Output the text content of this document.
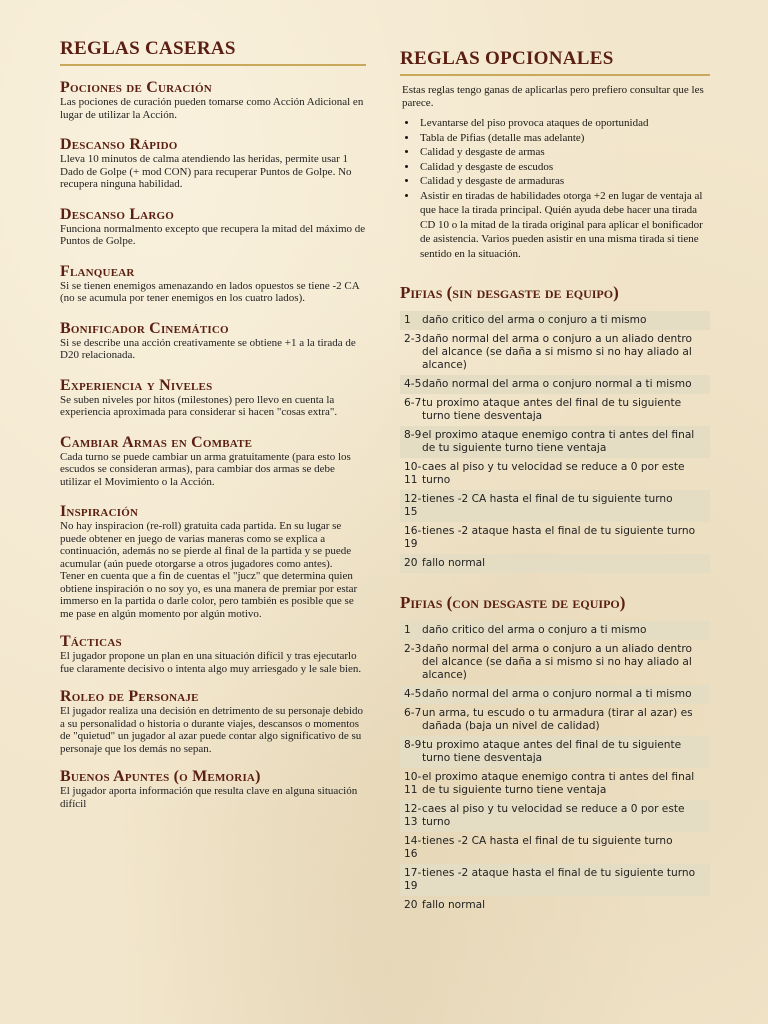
REGLAS CASERAS
Pociones de Curación

Las pociones de curación pueden tomarse como Acción Adicional en lugar de utilizar la Acción.

Descanso Rápido

Lleva 10 minutos de calma atendiendo las heridas, permite usar 1 Dado de Golpe (+ mod CON) para recuperar Puntos de Golpe. No recupera ninguna habilidad.

Descanso Largo

Funciona normalmento excepto que recupera la mitad del máximo de Puntos de Golpe.

Flanquear

Si se tienen enemigos amenazando en lados opuestos se tiene -2 CA (no se acumula por tener enemigos en los cuatro lados).

Bonificador Cinemático

Si se describe una acción creativamente se obtiene +1 a la tirada de D20 relacionada.

Experiencia y Niveles

Se suben niveles por hitos (milestones) pero llevo en cuenta la experiencia aproximada para considerar si hacen "cosas extra".

Cambiar Armas en Combate

Cada turno se puede cambiar un arma gratuitamente (para esto los escudos se consideran armas), para cambiar dos armas se debe utilizar el Movimiento o la Acción.

Inspiración

No hay inspiracion (re-roll) gratuita cada partida. En su lugar se puede obtener en juego de varias maneras como se explica a continuación, además no se pierde al final de la partida y se puede acumular (aún puede otorgarse a otros jugadores como antes).
Tener en cuenta que a fin de cuentas el "jucz" que determina quien obtiene inspiración o no soy yo, es una manera de premiar por estar immerso en la partida o darle color, pero también es posible que se me pase en algún momento por algún motivo.

Tácticas

El jugador propone un plan en una situación difícil y tras ejecutarlo fue claramente decisivo o intenta algo muy arriesgado y le sale bien.

Roleo de Personaje

El jugador realiza una decisión en detrimento de su personaje debido a su personalidad o historia o durante viajes, descansos o momentos de "quietud" un jugador al azar puede contar algo significativo de su personaje que los demás no sepan.

Buenos Apuntes (o Memoria)

El jugador aporta información que resulta clave en alguna situación difícil

REGLAS OPCIONALES

Estas reglas tengo ganas de aplicarlas pero prefiero consultar que les parece.

• Levantarse del piso provoca ataques de oportunidad
• Tabla de Pifias (detalle mas adelante)
• Calidad y desgaste de armas
• Calidad y desgaste de escudos
• Calidad y desgaste de armaduras
• Asistir en tiradas de habilidades otorga +2 en lugar de ventaja al que hace la tirada principal. Quién ayuda debe hacer una tirada CD 10 o la mitad de la tirada original para aplicar el bonificador de asistencia. Varios pueden asistir en una misma tirada si tiene sentido en la situación.
Pifias (sin desgaste de equipo)
1	daño critico del arma o conjuro a ti mismo
2-3 daño normal del arma o conjuro a un aliado dentro del alcance (se daña a si mismo si no hay aliado al alcance)
4-5 daño normal del arma o conjuro normal a ti mismo
6-7 tu proximo ataque antes del final de tu siguiente turno tiene desventaja
8-9 el proximo ataque enemigo contra ti antes del final de tu siguiente turno tiene ventaja
10-
11
caes al piso y tu velocidad se reduce a 0 por este turno
12-
15
tienes -2 CA hasta el final de tu siguiente turno
16-
19
tienes -2 ataque hasta el final de tu siguiente turno
20 fallo normal
Pifias (con desgaste de equipo)
1	daño critico del arma o conjuro a ti mismo
2-3 daño normal del arma o conjuro a un aliado dentro del alcance (se daña a si mismo si no hay aliado al alcance)
4-5 daño normal del arma o conjuro normal a ti mismo
6-7 un arma, tu escudo o tu armadura (tirar al azar) es dañada (baja un nivel de calidad)
8-9 tu proximo ataque antes del final de tu siguiente turno tiene desventaja
10-
11
el proximo ataque enemigo contra ti antes del final de tu siguiente turno tiene ventaja
12-
13
caes al piso y tu velocidad se reduce a 0 por este turno
14-
16
tienes -2 CA hasta el final de tu siguiente turno
17-
19
tienes -2 ataque hasta el final de tu siguiente turno
20 fallo normal
